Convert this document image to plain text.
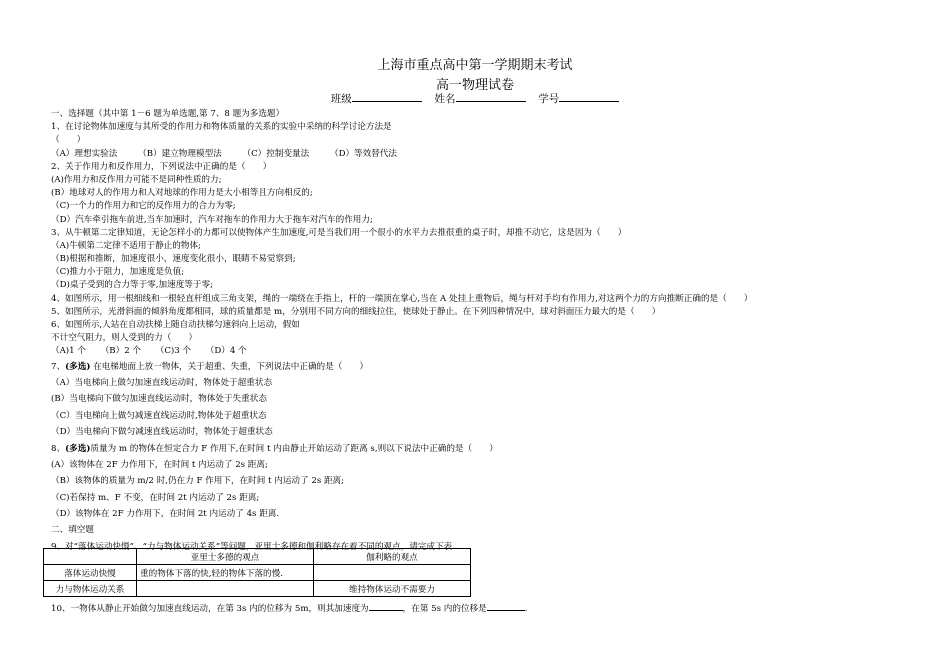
上海市重点高中第一学期期末考试
高一物理试卷
班级	姓名	学号
一、选择题（其中第 1－6 题为单选题,第 7、8 题为多选题）
1、在讨论物体加速度与其所受的作用力和物体质量的关系的实验中采纳的科学讨论方法是
（　　）
（A）理想实验法 （B）建立物理模型法 （C）控制变量法 （D）等效替代法
2、关于作用力和反作用力，下列说法中正确的是（　　）
(A)作用力和反作用力可能不是同种性质的力;
(B）地球对人的作用力和人对地球的作用力是大小相等且方向相反的;
（C)一个力的作用力和它的反作用力的合力为零;
（D）汽车牵引拖车前进,当车加速时，汽车对拖车的作用力大于拖车对汽车的作用力;
3、从牛顿第二定律知道，无论怎样小的力都可以使物体产生加速度,可是当我们用一个很小的水平力去推很重的桌子时，却推不动它，这是因为（　　）
（A)牛顿第二定律不适用于静止的物体;
（B)根据和推断，加速度很小，速度变化很小，眼睛不易觉察到;
（C)推力小于阻力，加速度是负值;
（D)桌子受到的合力等于零,加速度等于零;
4、如图所示，用一根细线和一根轻直杆组成三角支架，绳的一端绕在手指上，杆的一端顶在掌心,当在 A 处挂上重物后，绳与杆对手均有作用力,对这两个力的方向推断正确的是（　　）
5、如图所示，光滑斜面的倾斜角度都相同，球的质量都是 m，分别用不同方向的细线拉住，使球处于静止。在下列四种情况中，球对斜面压力最大的是（　　）
6、如图所示,人站在自动扶梯上随自动扶梯匀速斜向上运动，假如
不计空气阻力，则人受到的力（　　）
（A)1 个 （B）2 个 （C)3 个 （D）4 个
7、(多选) 在电梯地面上放一物体，关于超重、失重，下列说法中正确的是（　　）
（A）当电梯向上做匀加速直线运动时，物体处于超重状态
(B）当电梯向下做匀加速直线运动时，物体处于失重状态
（C）当电梯向上做匀减速直线运动时,物体处于超重状态
（D）当电梯向下做匀减速直线运动时，物体处于超重状态
8、(多选)质量为 m 的物体在恒定合力 F 作用下,在时间 t 内由静止开始运动了距离 s,则以下说法中正确的是（　　）
(A）该物体在 2F 力作用下，在时间 t 内运动了 2s 距离;
（B）该物体的质量为 m/2 时,仍在力 F 作用下，在时间 t 内运动了 2s 距离;
（C)若保持 m、F 不变，在时间 2t 内运动了 2s 距离;
（D）该物体在 2F 力作用下，在时间 2t 内运动了 4s 距离.
二、填空题
9、对“落体运动快慢”、“力与物体运动关系”等问题，亚里士多德和伽利略存在着不同的观点，请完成下表.
	亚里士多德的观点	伽利略的观点
落体运动快慢	重的物体下落的快,轻的物体下落的慢.	
力与物体运动关系		维持物体运动不需要力
10、一物体从静止开始做匀加速直线运动，在第 3s 内的位移为 5m，则其加速度为	，在第 5s 内的位移是	.
